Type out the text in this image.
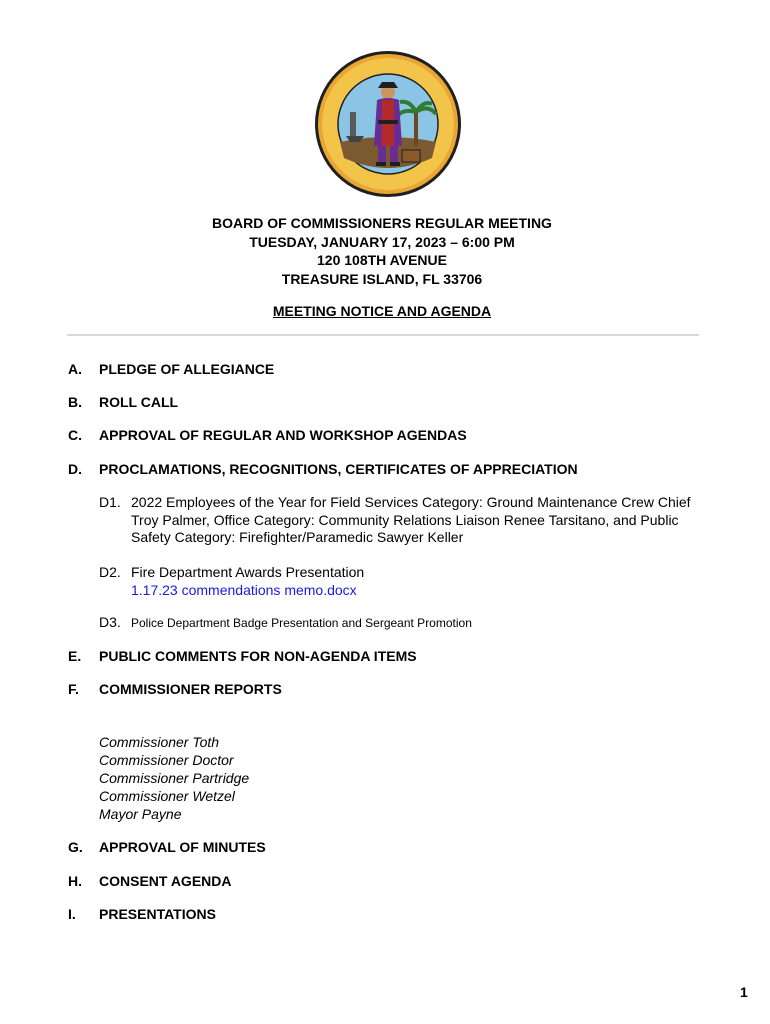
BOARD OF COMMISSIONERS REGULAR MEETING
TUESDAY, JANUARY 17, 2023 – 6:00 PM
120 108TH AVENUE
TREASURE ISLAND, FL 33706
MEETING NOTICE AND AGENDA
A. PLEDGE OF ALLEGIANCE
B. ROLL CALL
C. APPROVAL OF REGULAR AND WORKSHOP AGENDAS
D. PROCLAMATIONS, RECOGNITIONS, CERTIFICATES OF APPRECIATION
D1. 2022 Employees of the Year for Field Services Category: Ground Maintenance Crew Chief Troy Palmer, Office Category: Community Relations Liaison Renee Tarsitano, and Public Safety Category: Firefighter/Paramedic Sawyer Keller
D2. Fire Department Awards Presentation
1.17.23 commendations memo.docx
D3. Police Department Badge Presentation and Sergeant Promotion
E. PUBLIC COMMENTS FOR NON-AGENDA ITEMS
F. COMMISSIONER REPORTS
Commissioner Toth
Commissioner Doctor
Commissioner Partridge
Commissioner Wetzel
Mayor Payne
G. APPROVAL OF MINUTES
H. CONSENT AGENDA
I. PRESENTATIONS
1
